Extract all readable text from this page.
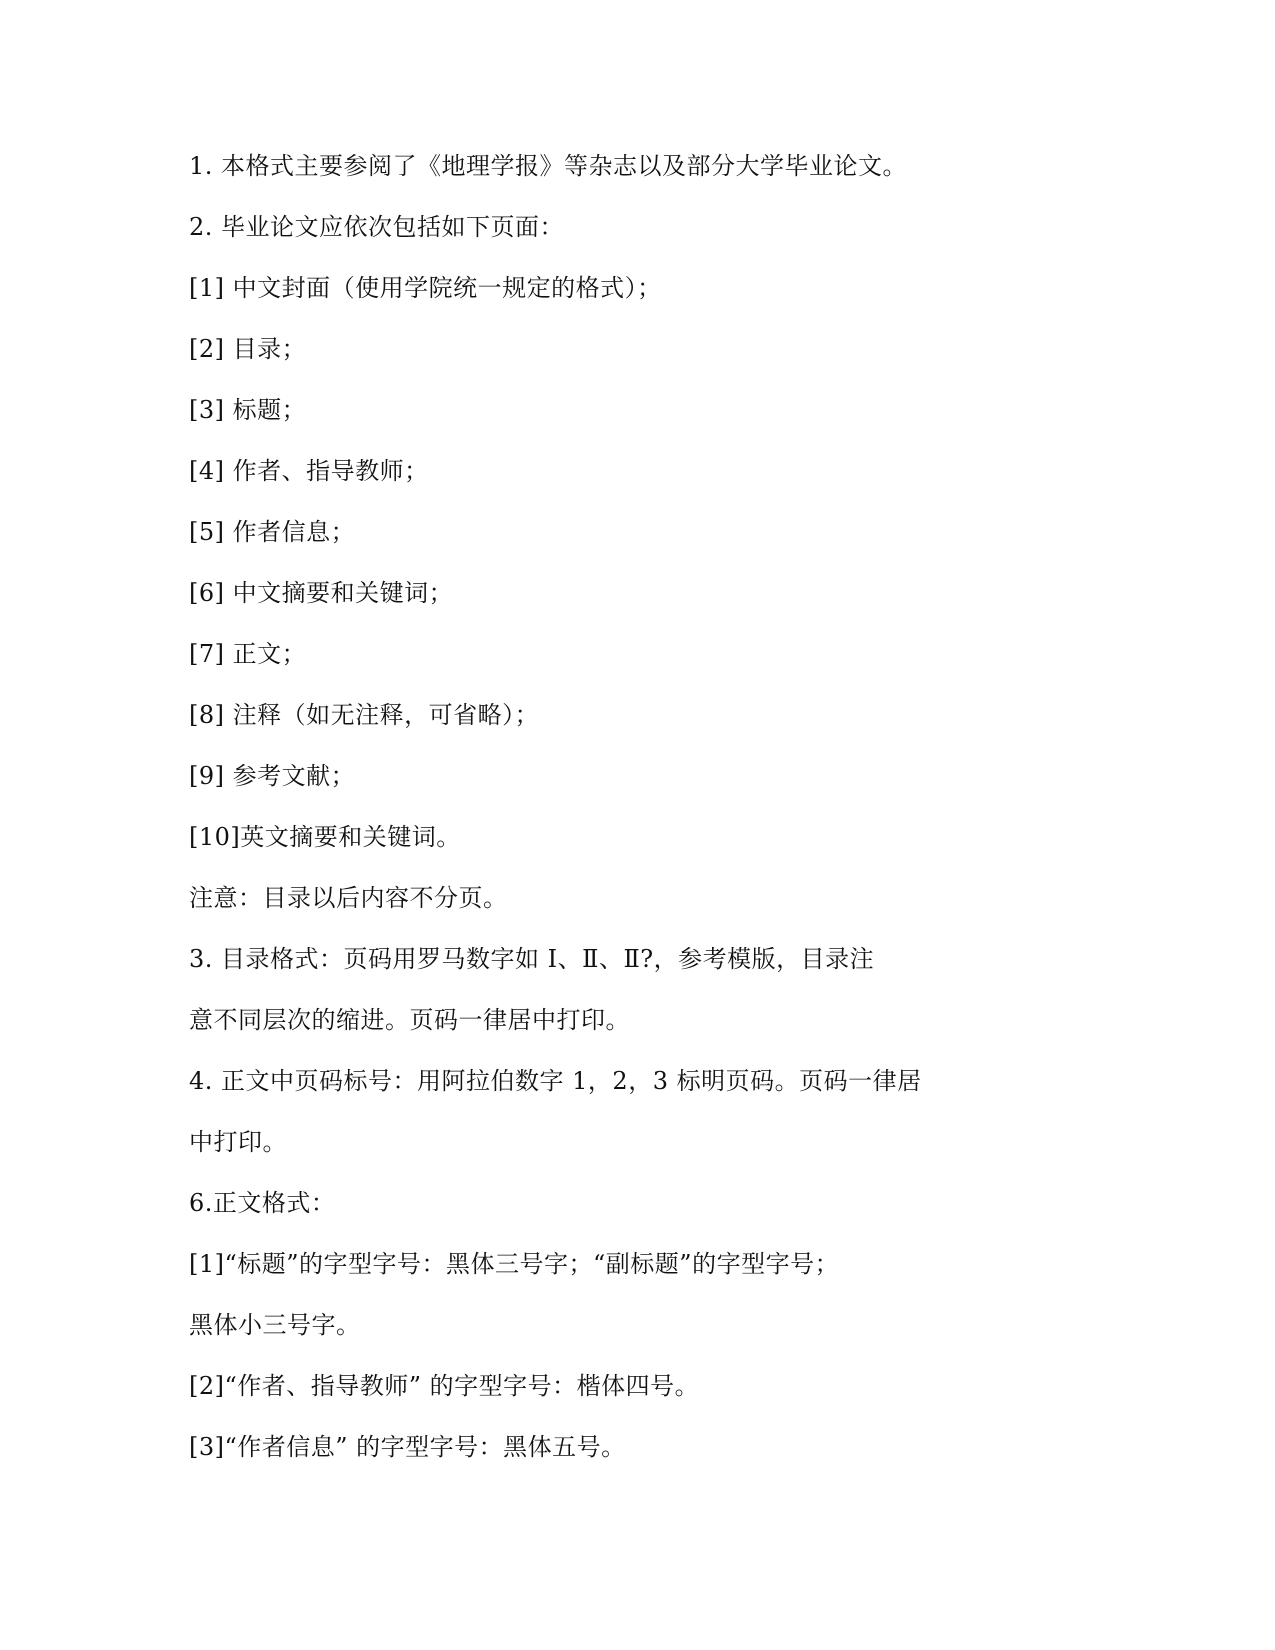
1. 本格式主要参阅了《地理学报》等杂志以及部分大学毕业论文。
2. 毕业论文应依次包括如下页面：
[1] 中文封面（使用学院统一规定的格式）；
[2] 目录；
[3] 标题；
[4] 作者、指导教师；
[5] 作者信息；
[6] 中文摘要和关键词；
[7] 正文；
[8] 注释（如无注释，可省略）；
[9] 参考文献；
[10]英文摘要和关键词。
注意：目录以后内容不分页。
3. 目录格式：页码用罗马数字如 Ⅰ、Ⅱ、Ⅱ?，参考模版，目录注
意不同层次的缩进。页码一律居中打印。
4. 正文中页码标号：用阿拉伯数字 1，2，3 标明页码。页码一律居
中打印。
6.正文格式：
[1]“标题”的字型字号：黑体三号字；“副标题”的字型字号；
黑体小三号字。
[2]“作者、指导教师” 的字型字号：楷体四号。
[3]“作者信息” 的字型字号：黑体五号。
